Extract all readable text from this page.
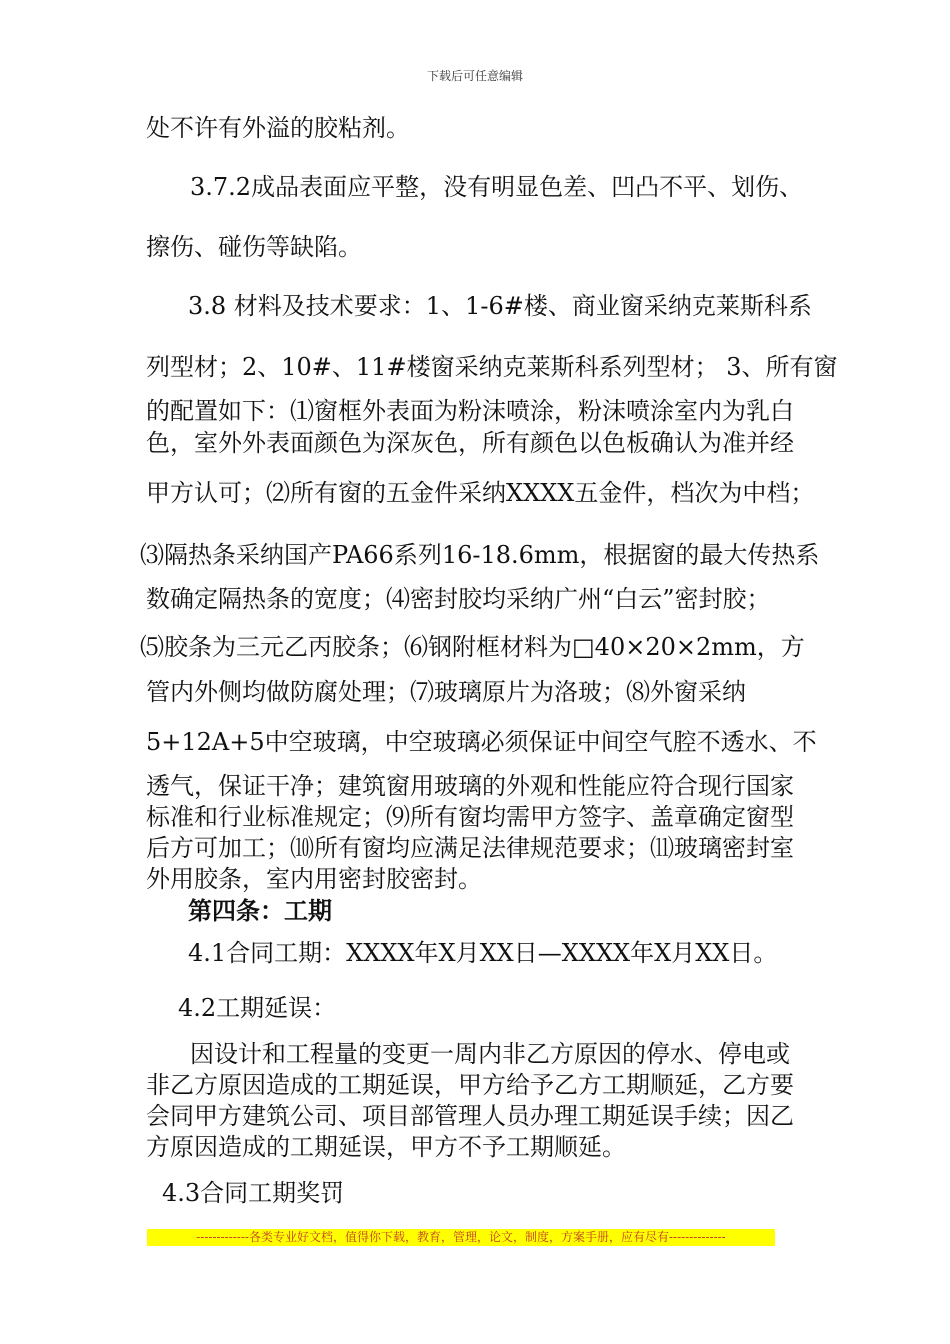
下载后可任意编辑
处不许有外溢的胶粘剂。
3.7.2成品表面应平整，没有明显色差、凹凸不平、划伤、
擦伤、碰伤等缺陷。
3.8 材料及技术要求：1、1-6#楼、商业窗采纳克莱斯科系
列型材；2、10#、11#楼窗采纳克莱斯科系列型材； 3、所有窗
的配置如下：⑴窗框外表面为粉沫喷涂，粉沫喷涂室内为乳白
色，室外外表面颜色为深灰色，所有颜色以色板确认为准并经
甲方认可；⑵所有窗的五金件采纳XXXX五金件，档次为中档；
⑶隔热条采纳国产PA66系列16-18.6mm，根据窗的最大传热系
数确定隔热条的宽度；⑷密封胶均采纳广州“白云”密封胶；
⑸胶条为三元乙丙胶条；⑹钢附框材料为□40×20×2mm，方
管内外侧均做防腐处理；⑺玻璃原片为洛玻；⑻外窗采纳
5+12A+5中空玻璃，中空玻璃必须保证中间空气腔不透水、不
透气，保证干净；建筑窗用玻璃的外观和性能应符合现行国家
标准和行业标准规定；⑼所有窗均需甲方签字、盖章确定窗型
后方可加工；⑽所有窗均应满足法律规范要求；⑾玻璃密封室
外用胶条，室内用密封胶密封。
第四条：工期
4.1合同工期：XXXX年X月XX日—XXXX年X月XX日。
4.2工期延误：
因设计和工程量的变更一周内非乙方原因的停水、停电或
非乙方原因造成的工期延误，甲方给予乙方工期顺延，乙方要
会同甲方建筑公司、项目部管理人员办理工期延误手续；因乙
方原因造成的工期延误，甲方不予工期顺延。
4.3合同工期奖罚
-------------各类专业好文档，值得你下载，教育，管理，论文，制度，方案手册，应有尽有--------------
